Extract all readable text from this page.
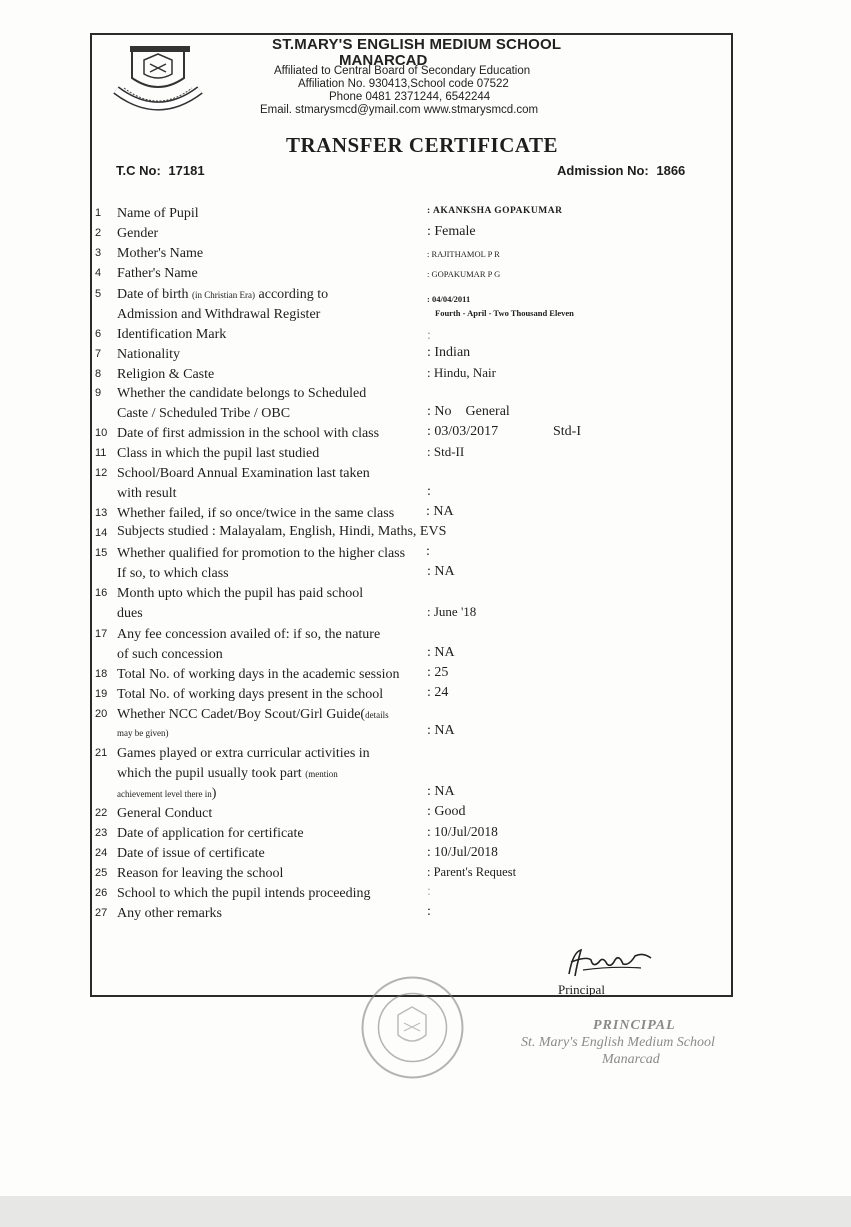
ST.MARY'S ENGLISH MEDIUM SCHOOL
MANARCAD
Affiliated to Central Board of Secondary Education
Affiliation No. 930413,School code 07522
Phone 0481 2371244, 6542244
Email. stmarysmcd@ymail.com www.stmarysmcd.com
TRANSFER CERTIFICATE
T.C No: 17181	Admission No: 1866
1 Name of Pupil	: AKANKSHA GOPAKUMAR
2 Gender	: Female
3 Mother's Name	: RAJITHAMOL P R
4 Father's Name	: GOPAKUMAR P G
5 Date of birth (in Christian Era) according to
Admission and Withdrawal Register
: 04/04/2011
Fourth - April - Two Thousand Eleven
6 Identification Mark	:
7 Nationality	: Indian
8 Religion & Caste	: Hindu, Nair
9 Whether the candidate belongs to Scheduled
Caste / Scheduled Tribe / OBC	: No    General
10 Date of first admission in the school with class	: 03/03/2017	Std-I
11 Class in which the pupil last studied	: Std-II
12 School/Board Annual Examination last taken
with result	:
13 Whether failed, if so once/twice in the same class	: NA
14 Subjects studied : Malayalam, English, Hindi, Maths, EVS
15 Whether qualified for promotion to the higher class	:
If so, to which class	: NA
16 Month upto which the pupil has paid school
dues	: June '18
17 Any fee concession availed of: if so, the nature
of such concession	: NA
18 Total No. of working days in the academic session	: 25
19 Total No. of working days present in the school	: 24
20 Whether NCC Cadet/Boy Scout/Girl Guide(details
may be given)	: NA
21 Games played or extra curricular activities in
which the pupil usually took part (mention
achievement level there in)	: NA
22 General Conduct	: Good
23 Date of application for certificate	: 10/Jul/2018
24 Date of issue of certificate	: 10/Jul/2018
25 Reason for leaving the school	: Parent's Request
26 School to which the pupil intends proceeding	:
27 Any other remarks	:
Principal
PRINCIPAL
St. Mary's English Medium School
Manarcad
